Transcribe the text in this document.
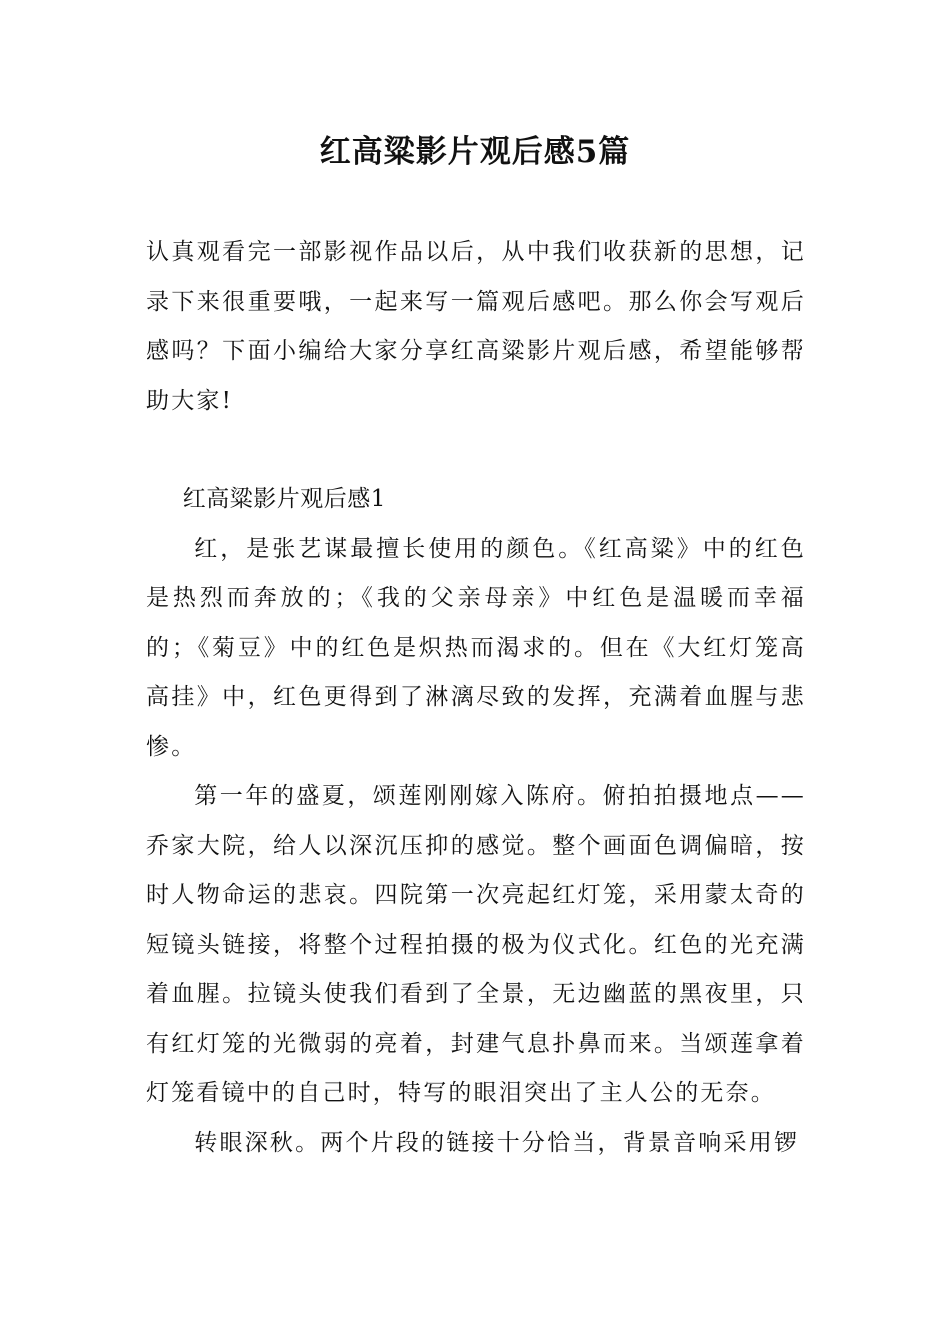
红高粱影片观后感5篇

认真观看完一部影视作品以后，从中我们收获新的思想，记录下来很重要哦，一起来写一篇观后感吧。那么你会写观后感吗？下面小编给大家分享红高粱影片观后感，希望能够帮助大家!

红高粱影片观后感1

红，是张艺谋最擅长使用的颜色。《红高粱》中的红色是热烈而奔放的；《我的父亲母亲》中红色是温暖而幸福的；《菊豆》中的红色是炽热而渴求的。但在《大红灯笼高高挂》中，红色更得到了淋漓尽致的发挥，充满着血腥与悲惨。

第一年的盛夏，颂莲刚刚嫁入陈府。俯拍拍摄地点——乔家大院，给人以深沉压抑的感觉。整个画面色调偏暗，按时人物命运的悲哀。四院第一次亮起红灯笼，采用蒙太奇的短镜头链接，将整个过程拍摄的极为仪式化。红色的光充满着血腥。拉镜头使我们看到了全景，无边幽蓝的黑夜里，只有红灯笼的光微弱的亮着，封建气息扑鼻而来。当颂莲拿着灯笼看镜中的自己时，特写的眼泪突出了主人公的无奈。

转眼深秋。两个片段的链接十分恰当，背景音响采用锣
